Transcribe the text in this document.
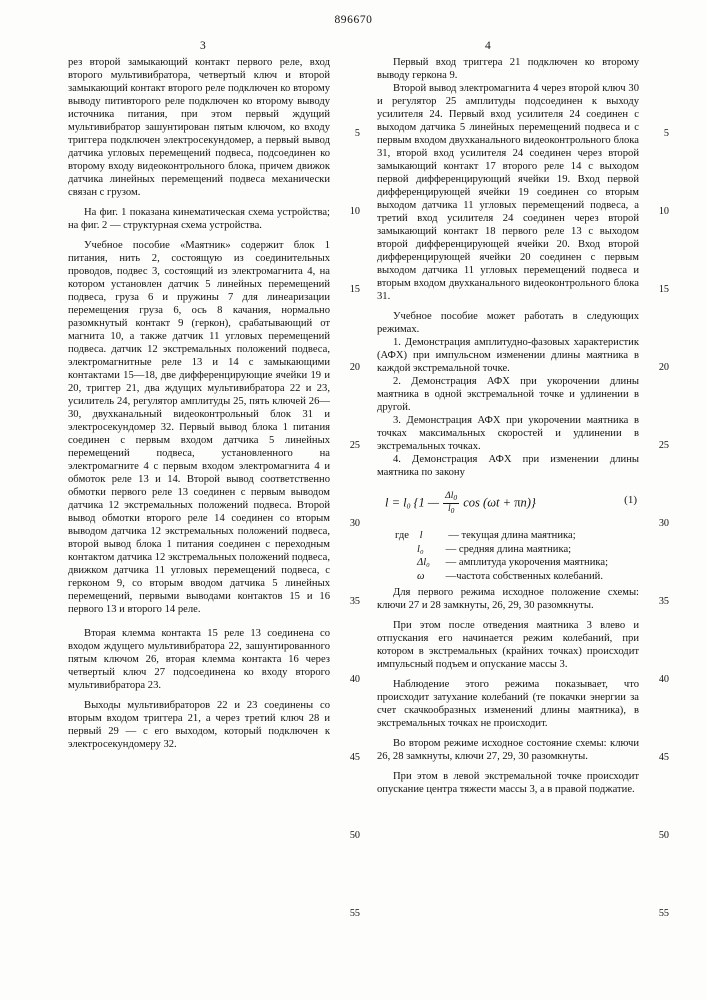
896670
3	4

рез второй замыкающий контакт первого реле, вход второго мультивибратора, четвертый ключ и второй замыкающий контакт второго реле подключен ко второму выводу питивторого реле подключен ко второму выводу источника питания, при этом первый ждущий мультивибратор зашунтирован пятым ключом, ко входу триггера подключен электросекундомер, а первый вывод датчика угловых перемещений подвеса, подсоединен ко второму входу видеоконтрольного блока, причем движок датчика линейных перемещений подвеса механически связан с грузом.

На фиг. 1 показана кинематическая схема устройства; на фиг. 2 — структурная схема устройства.

Учебное пособие «Маятник» содержит блок 1 питания, нить 2, состоящую из соединительных проводов, подвес 3, состоящий из электромагнита 4, на котором установлен датчик 5 линейных перемещений подвеса, груза 6 и пружины 7 для линеаризации перемещения груза 6, ось 8 качания, нормально разомкнутый контакт 9 (геркон), срабатывающий от магнита 10, а также датчик 11 угловых перемещений подвеса. датчик 12 экстремальных положений подвеса, электромагнитные реле 13 и 14 с замыкающими контактами 15—18, две дифференцирующие ячейки 19 и 20, триггер 21, два ждущих мультивибратора 22 и 23, усилитель 24, регулятор амплитуды 25, пять ключей 26—30, двухканальный видеоконтрольный блок 31 и электросекундомер 32. Первый вывод блока 1 питания соединен с первым входом датчика 5 линейных перемещений подвеса, установленного на электромагните 4 с первым входом электромагнита 4 и обмоток реле 13 и 14. Второй вывод соответственно обмотки первого реле 13 соединен с первым выводом датчика 12 экстремальных положений подвеса. Второй вывод обмотки второго реле 14 соединен со вторым выводом датчика 12 экстремальных положений подвеса, второй вывод блока 1 питания соединен с переходным контактом датчика 12 экстремальных положений подвеса, движком датчика 11 угловых перемещений подвеса, с герконом 9, со вторым вводом датчика 5 линейных перемещений, первыми выводами контактов 15 и 16 первого 13 и второго 14 реле.

Вторая клемма контакта 15 реле 13 соединена со входом ждущего мультивибратора 22, зашунтированного пятым ключом 26, вторая клемма контакта 16 через четвертый ключ 27 подсоединена ко входу второго мультивибратора 23.

Выходы мультивибраторов 22 и 23 соединены со вторым входом триггера 21, а через третий ключ 28 и первый 29 — с его выходом, который подключен к электросекундомеру 32.

5
10
15
20
25
30
35
40
45
50
55

Первый вход триггера 21 подключен ко второму выводу геркона 9.

Второй вывод электромагнита 4 через второй ключ 30 и регулятор 25 амплитуды подсоединен к выходу усилителя 24. Первый вход усилителя 24 соединен с выходом датчика 5 линейных перемещений подвеса и с первым входом двухканального видеоконтрольного блока 31, второй вход усилителя 24 соединен через второй замыкающий контакт 17 второго реле 14 с выходом первой дифференцирующий ячейки 19. Вход первой дифференцирующей ячейки 19 соединен со вторым выходом датчика 11 угловых перемещений подвеса, а третий вход усилителя 24 соединен через второй замыкающий контакт 18 первого реле 13 с выходом второй дифференцирующей ячейки 20. Вход второй дифференцирующей ячейки 20 соединен с первым выходом датчика 11 угловых перемещений подвеса и вторым входом двухканального видеоконтрольного блока 31.

Учебное пособие может работать в следующих режимах.

1. Демонстрация амплитудно-фазовых характеристик (АФХ) при импульсном изменении длины маятника в каждой экстремальной точке.

2. Демонстрация АФХ при укорочении длины маятника в одной экстремальной точке и удлинении в другой.

3. Демонстрация АФХ при укорочении маятника в точках максимальных скоростей и удлинении в экстремальных точках.

4. Демонстрация АФХ при изменении длины маятника по закону

$l = l_0$ {1 — $\frac{\Delta l_0}{l_0}$ cos (ωt + πn)}	(1)
где l — текущая длина маятника;
l₀ — средняя длина маятника;
Δl₀ — амплитуда укорочения маятника;
ω —частота собственных колебаний.

Для первого режима исходное положение схемы: ключи 27 и 28 замкнуты, 26, 29, 30 разомкнуты.

При этом после отведения маятника 3 влево и отпускания его начинается режим колебаний, при котором в экстремальных (крайних точках) происходит импульсный подъем и опускание массы 3.

Наблюдение этого режима показывает, что происходит затухание колебаний (те покачки энергии за счет скачкообразных изменений длины маятника), в экстремальных точках не происходит.

Во втором режиме исходное состояние схемы: ключи 26, 28 замкнуты, ключи 27, 29, 30 разомкнуты.

При этом в левой экстремальной точке происходит опускание центра тяжести массы 3, а в правой поджатие.

5
10
15
20
25
30
35
40
45
50
55
